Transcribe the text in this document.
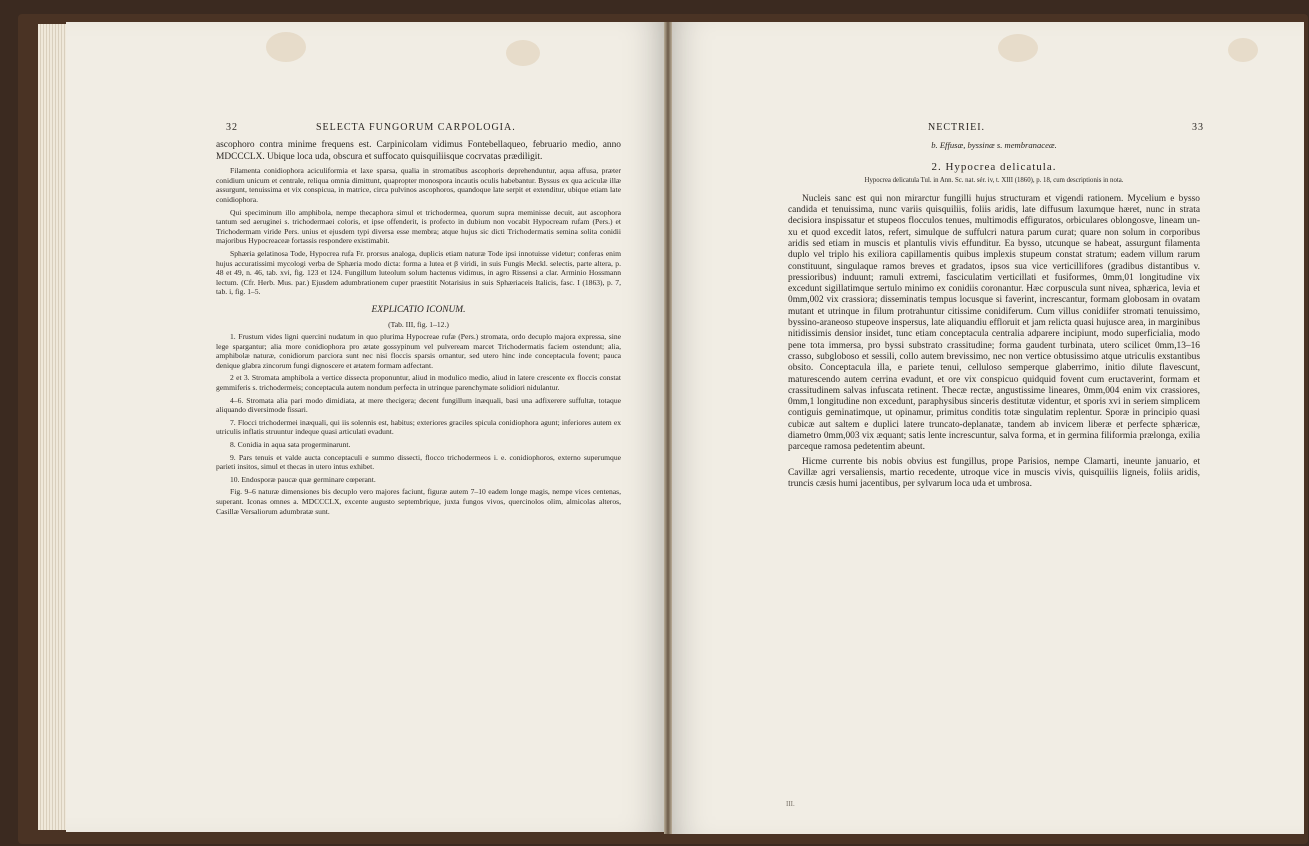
32	SELECTA FUNGORUM CARPOLOGIA.

ascophoro contra minime frequens est. Carpinicolam vidimus Fontebellaqueo, februario medio, anno MDCCCLX. Ubique loca uda, obscura et suffocato quisquiliisque cocrvatas prædiligit.

Filamenta conidiophora aciculiformia et laxe sparsa, qualia in stromatibus ascophoris deprehenduntur, aqua affusa, præter conidium unicum et centrale, reliqua omnia dimittunt, quapropter monospora incautis oculis habebantur. Byssus ex qua aciculæ illæ assurgunt, tenuissima et vix conspicua, in matrice, circa pulvinos ascophoros, quandoque late serpit et extenditur, ubique etiam late conidiophora.

Qui speciminum illo amphibola, nempe thecaphora simul et trichodermea, quorum supra meminisse decuit, aut ascophora tantum sed aeruginei s. trichodermaei coloris, et ipse offenderit, is profecto in dubium non vocabit Hypocream rufam (Pers.) et Trichodermam viride Pers. unius et ejusdem typi diversa esse membra; atque hujus sic dicti Trichodermatis semina solita conidii majoribus Hypocreaceæ fortassis respondere existimabit.

Sphæria gelatinosa Tode, Hypocrea rufa Fr. prorsus analoga, duplicis etiam naturæ Tode ipsi innotuisse videtur; conferas enim hujus accuratissimi mycologi verba de Sphæria modo dicta: forma a lutea et β viridi, in suis Fungis Meckl. selectis, parte altera, p. 48 et 49, n. 46, tab. xvi, fig. 123 et 124. Fungillum luteolum solum hactenus vidimus, in agro Rissensi a clar. Arminio Hossmann lectum. (Cfr. Herb. Mus. par.) Ejusdem adumbrationem cuper praestitit Notarisius in suis Sphæriaceis Italicis, fasc. I (1863), p. 7, tab. i, fig. 1–5.

EXPLICATIO ICONUM.

(Tab. III, fig. 1–12.)

1. Frustum vides ligni quercini nudatum in quo plurima Hypocreae rufæ (Pers.) stromata, ordo decuplo majora expressa, sine lege spargantur; alia more conidiophora pro ætate gossypinum vel pulveream marcet Trichodermatis faciem ostendunt; alia, amphibolæ naturæ, conidiorum parciora sunt nec nisi floccis sparsis ornantur, sed utero hinc inde conceptacula fovent; pauca denique glabra zincorum fungi dignoscere et ætatem formam adfectant.

2 et 3. Stromata amphibola a vertice dissecta proponuntur, aliud in modulico medio, aliud in latere crescente ex floccis constat gemmiferis s. trichodermeis; conceptacula autem nondum perfecta in utrinque parenchymate solidiori nidulantur.

4–6. Stromata alia pari modo dimidiata, at mere thecigera; decent fungillum inæquali, basi una adfixerere suffultæ, totaque aliquando diversimode fissari.

7. Flocci trichodermei inæquali, qui iis solennis est, habitus; exteriores graciles spicula conidiophora agunt; inferiores autem ex utriculis inflatis struuntur indeque quasi articulati evadunt.

8. Conidia in aqua sata progerminarunt.

9. Pars tenuis et valde aucta conceptaculi e summo dissecti, flocco trichodermeos i. e. conidiophoros, externo superumque parieti insitos, simul et thecas in utero intus exhibet.

10. Endosporæ paucæ quæ germinare cœperant.

Fig. 9–6 naturæ dimensiones bis decuplo vero majores faciunt, figuræ autem 7–10 eadem longe magis, nempe vices centenas, superant. Iconas omnes a. MDCCCLX, excente augusto septembrique, juxta fungos vivos, quercinolos olim, almicolas alteros, Casillæ Versaliorum adumbratæ sunt.

NECTRIEI.	33

b. Effusæ, byssinæ s. membranaceæ.

2. Hypocrea delicatula.

Hypocrea delicatula Tul. in Ann. Sc. nat. sér. iv, t. XIII (1860), p. 18, cum descriptionis in nota.

Nucleis sanc est qui non mirarctur fungilli hujus structuram et vigendi rationem. Mycelium e bysso candida et tenuissima, nunc variis quisquiliis, foliis aridis, late diffusum laxumque hæret, nunc in strata decisiora inspissatur et stupeos flocculos tenues, multimodis effiguratos, orbiculares oblongosve, lineam un-xu et quod excedit latos, refert, simulque de suffulcri natura parum curat; quare non solum in corporibus aridis sed etiam in muscis et plantulis vivis effunditur. Ea bysso, utcunque se habeat, assurgunt filamenta duplo vel triplo his exiliora capillamentis quibus implexis stupeum constat stratum; eadem villum rarum constituunt, singulaque ramos breves et gradatos, ipsos sua vice verticillifores (gradibus distantibus v. pressioribus) induunt; ramuli extremi, fasciculatim verticillati et fusiformes, 0mm,01 longitudine vix excedunt sigillatimque sertulo minimo ex conidiis coronantur. Hæc corpuscula sunt nivea, sphærica, levia et 0mm,002 vix crassiora; disseminatis tempus locusque si faverint, increscantur, formam globosam in ovatam mutant et utrinque in filum protrahuntur citissime conidiferum. Cum villus conidiifer stromati tenuissimo, byssino-araneoso stupeove inspersus, late aliquandiu effloruit et jam relicta quasi hujusce area, in marginibus nitidissimis densior insidet, tunc etiam conceptacula centralia adparere incipiunt, modo superficialia, modo pene tota immersa, pro byssi substrato crassitudine; forma gaudent turbinata, utero scilicet 0mm,13–16 crasso, subgloboso et sessili, collo autem brevissimo, nec non vertice obtusissimo atque utriculis exstantibus obsito. Conceptacula illa, e pariete tenui, celluloso semperque glaberrimo, initio dilute flavescunt, maturescendo autem cerrina evadunt, et ore vix conspicuo quidquid fovent cum eructaverint, formam et crassitudinem salvas infuscata retinent. Thecæ rectæ, angustissime lineares, 0mm,004 enim vix crassiores, 0mm,1 longitudine non excedunt, paraphysibus sinceris destitutæ videntur, et sporis xvi in seriem simplicem contiguis geminatimque, ut opinamur, primitus conditis totæ singulatim replentur. Sporæ in principio quasi cubicæ aut saltem e duplici latere truncato-deplanatæ, tandem ab invicem liberæ et perfecte sphæricæ, diametro 0mm,003 vix æquant; satis lente increscuntur, salva forma, et in germina filiformia prælonga, exilia parceque ramosa pedetentim abeunt.

Hicme currente bis nobis obvius est fungillus, prope Parisios, nempe Clamarti, ineunte januario, et Cavillæ agri versaliensis, martio recedente, utroque vice in muscis vivis, quisquiliis ligneis, foliis aridis, truncis cæsis humi jacentibus, per sylvarum loca uda et umbrosa.

III.
